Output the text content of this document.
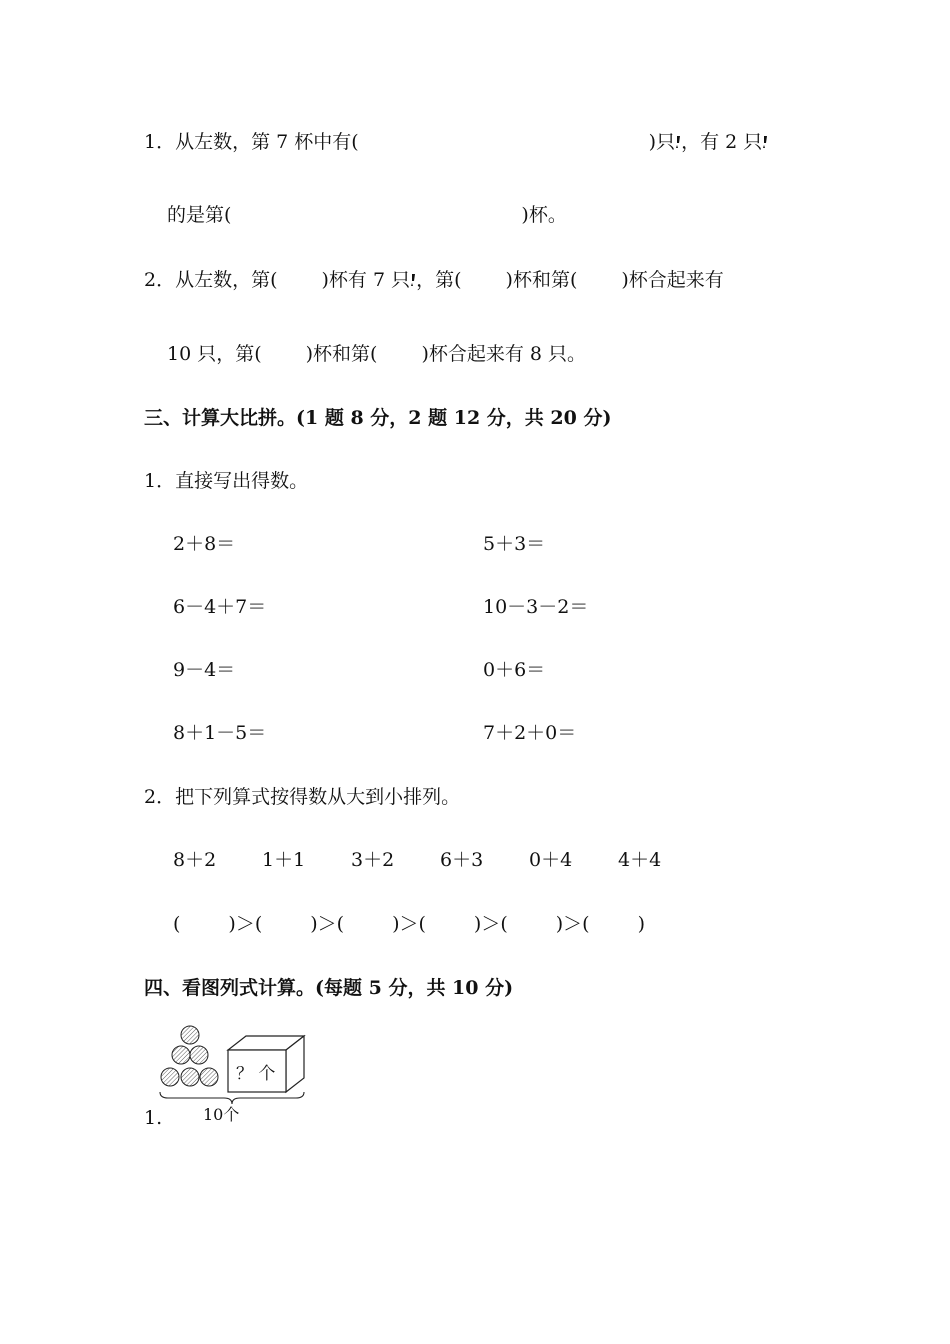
1．从左数，第 7 杯中有(	)只 ，有 2 只
的是第(	)杯。
2．从左数，第( )杯有 7 只 ，第( )杯和第( )杯合起来有
10 只，第( )杯和第( )杯合起来有 8 只。
三、计算大比拼。(1 题 8 分，2 题 12 分，共 20 分)
1．直接写出得数。
2＋8＝	5＋3＝
6－4＋7＝	10－3－2＝
9－4＝	0＋6＝
8＋1－5＝	7＋2＋0＝
2．把下列算式按得数从大到小排列。
8＋2 1＋1 3＋2 6＋3 0＋4 4＋4
(	)＞(	)＞(	)＞(	)＞(	)＞(	)
四、看图列式计算。(每题 5 分，共 10 分)
？ 个
10个
1.
